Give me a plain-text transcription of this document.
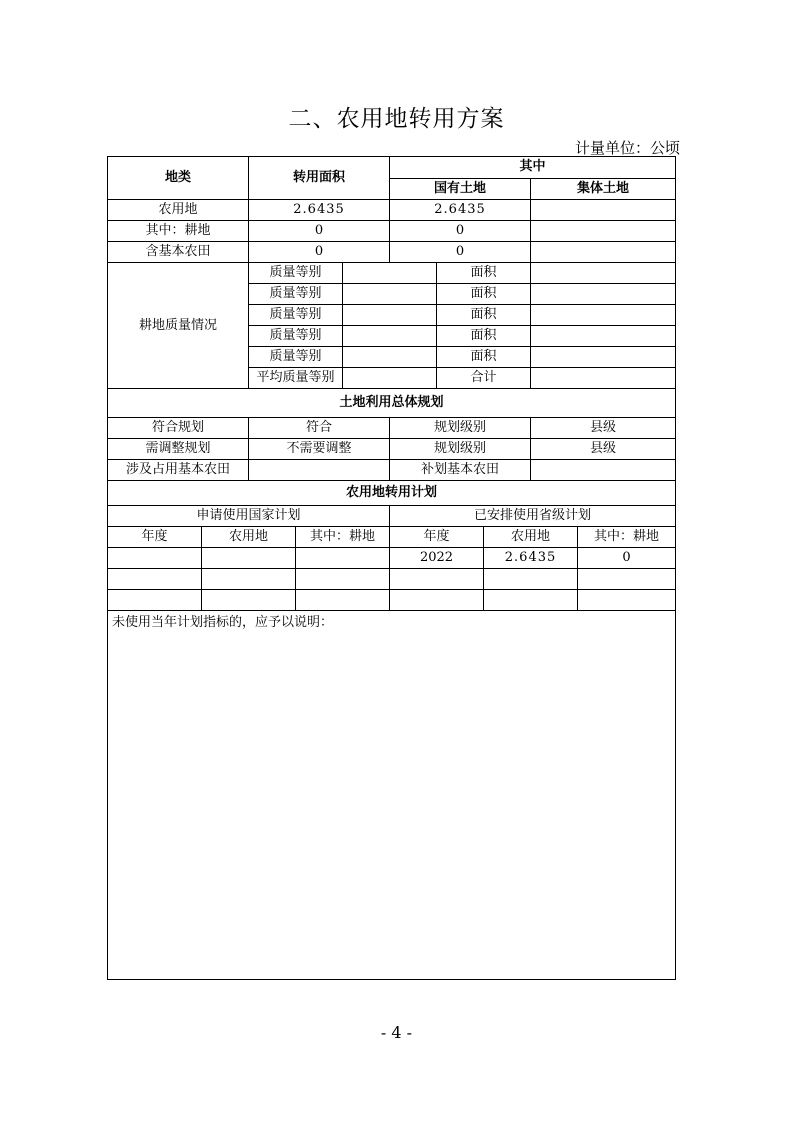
二、农用地转用方案
计量单位：公顷
地类		转用面积			其中				
					国有土地			集体土地	
农用地		2.6435			2.6435				
其中：耕地		0			0				
含基本农田		0			0				
耕地质量情况		质量等别				面积			
		质量等别				面积			
		质量等别				面积			
		质量等别				面积			
		质量等别				面积			
		平均质量等别				合计			
土地利用总体规划									
符合规划		符合			规划级别			县级	
需调整规划		不需要调整			规划级别			县级	
涉及占用基本农田					补划基本农田				
农用地转用计划									
申请使用国家计划					已安排使用省级计划				
年度	农用地		其中：耕地		年度		农用地		其中：耕地
					2022		2.6435		0

未使用当年计划指标的，应予以说明：									
- 4 -
